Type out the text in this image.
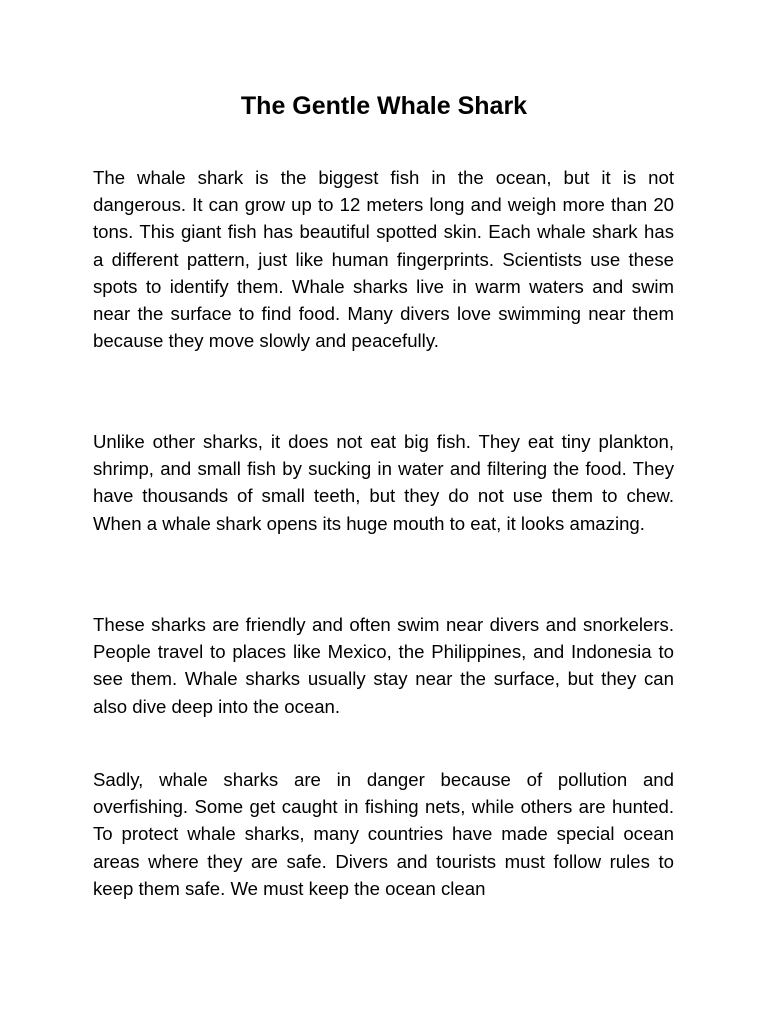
The Gentle Whale Shark

The whale shark is the biggest fish in the ocean, but it is not dangerous. It can grow up to 12 meters long and weigh more than 20 tons. This giant fish has beautiful spotted skin. Each whale shark has a different pattern, just like human fingerprints. Scientists use these spots to identify them. Whale sharks live in warm waters and swim near the surface to find food. Many divers love swimming near them because they move slowly and peacefully.

Unlike other sharks, it does not eat big fish. They eat tiny plankton, shrimp, and small fish by sucking in water and filtering the food. They have thousands of small teeth, but they do not use them to chew. When a whale shark opens its huge mouth to eat, it looks amazing.

These sharks are friendly and often swim near divers and snorkelers. People travel to places like Mexico, the Philippines, and Indonesia to see them. Whale sharks usually stay near the surface, but they can also dive deep into the ocean.

Sadly, whale sharks are in danger because of pollution and overfishing. Some get caught in fishing nets, while others are hunted. To protect whale sharks, many countries have made special ocean areas where they are safe. Divers and tourists must follow rules to keep them safe. We must keep the ocean clean
